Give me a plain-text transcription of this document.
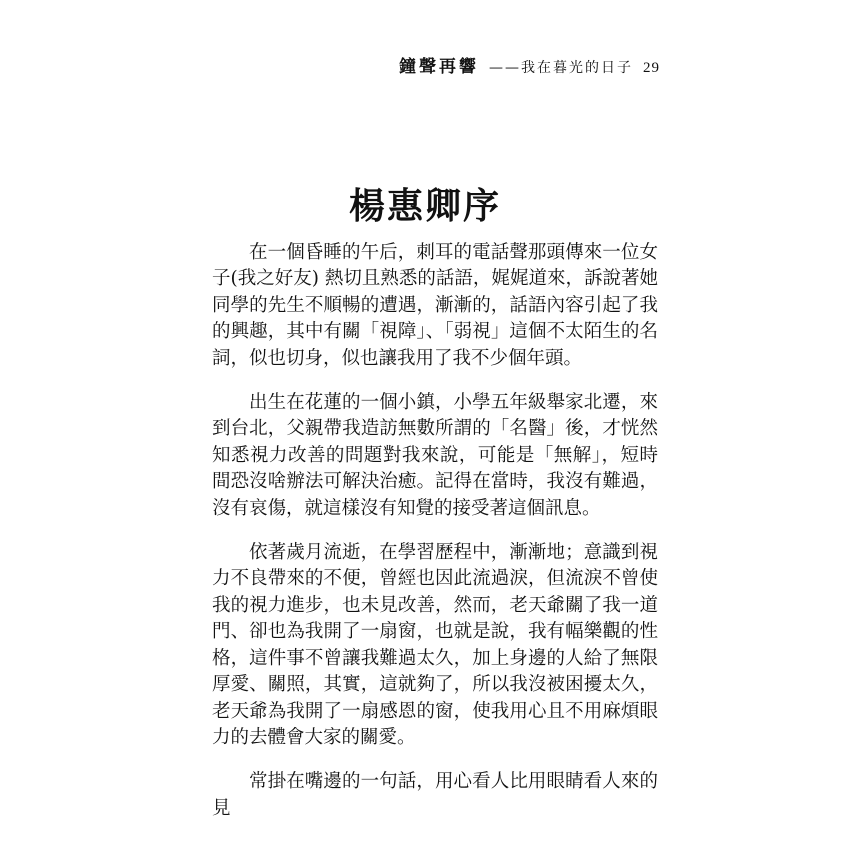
鐘聲再響 ——我在暮光的日子 29
楊惠卿序

在一個昏睡的午后，刺耳的電話聲那頭傳來一位女子(我之好友) 熱切且熟悉的話語，娓娓道來，訴說著她同學的先生不順暢的遭遇，漸漸的，話語內容引起了我的興趣，其中有關「視障」、「弱視」這個不太陌生的名詞，似也切身，似也讓我用了我不少個年頭。

出生在花蓮的一個小鎮，小學五年級舉家北遷，來到台北，父親帶我造訪無數所謂的「名醫」後，才恍然知悉視力改善的問題對我來說，可能是「無解」，短時間恐沒啥辦法可解決治癒。記得在當時，我沒有難過，沒有哀傷，就這樣沒有知覺的接受著這個訊息。

依著歲月流逝，在學習歷程中，漸漸地；意識到視力不良帶來的不便，曾經也因此流過淚，但流淚不曾使我的視力進步，也未見改善，然而，老天爺關了我一道門、卻也為我開了一扇窗，也就是說，我有幅樂觀的性格，這件事不曾讓我難過太久，加上身邊的人給了無限厚愛、關照，其實，這就夠了，所以我沒被困擾太久，老天爺為我開了一扇感恩的窗，使我用心且不用麻煩眼力的去體會大家的關愛。

常掛在嘴邊的一句話，用心看人比用眼睛看人來的見
